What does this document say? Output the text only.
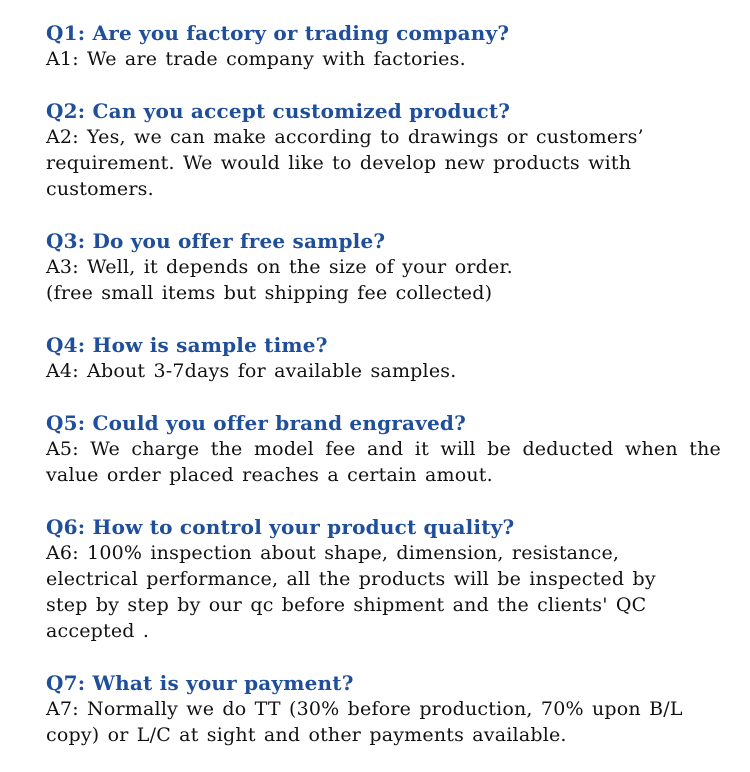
Q1: Are you factory or trading company?
A1: We are trade company with factories.
Q2: Can you accept customized product?
A2: Yes, we can make according to drawings or customers’
requirement. We would like to develop new products with
customers.
Q3: Do you offer free sample?
A3: Well, it depends on the size of your order.
(free small items but shipping fee collected)
Q4: How is sample time?
A4: About 3-7days for available samples.
Q5: Could you offer brand engraved?
A5: We charge the model fee and it will be deducted when the
value order placed reaches a certain amout.
Q6: How to control your product quality?
A6: 100% inspection about shape, dimension, resistance,
electrical performance, all the products will be inspected by
step by step by our qc before shipment and the clients' QC
accepted .
Q7: What is your payment?
A7: Normally we do TT (30% before production, 70% upon B/L
copy) or L/C at sight and other payments available.
